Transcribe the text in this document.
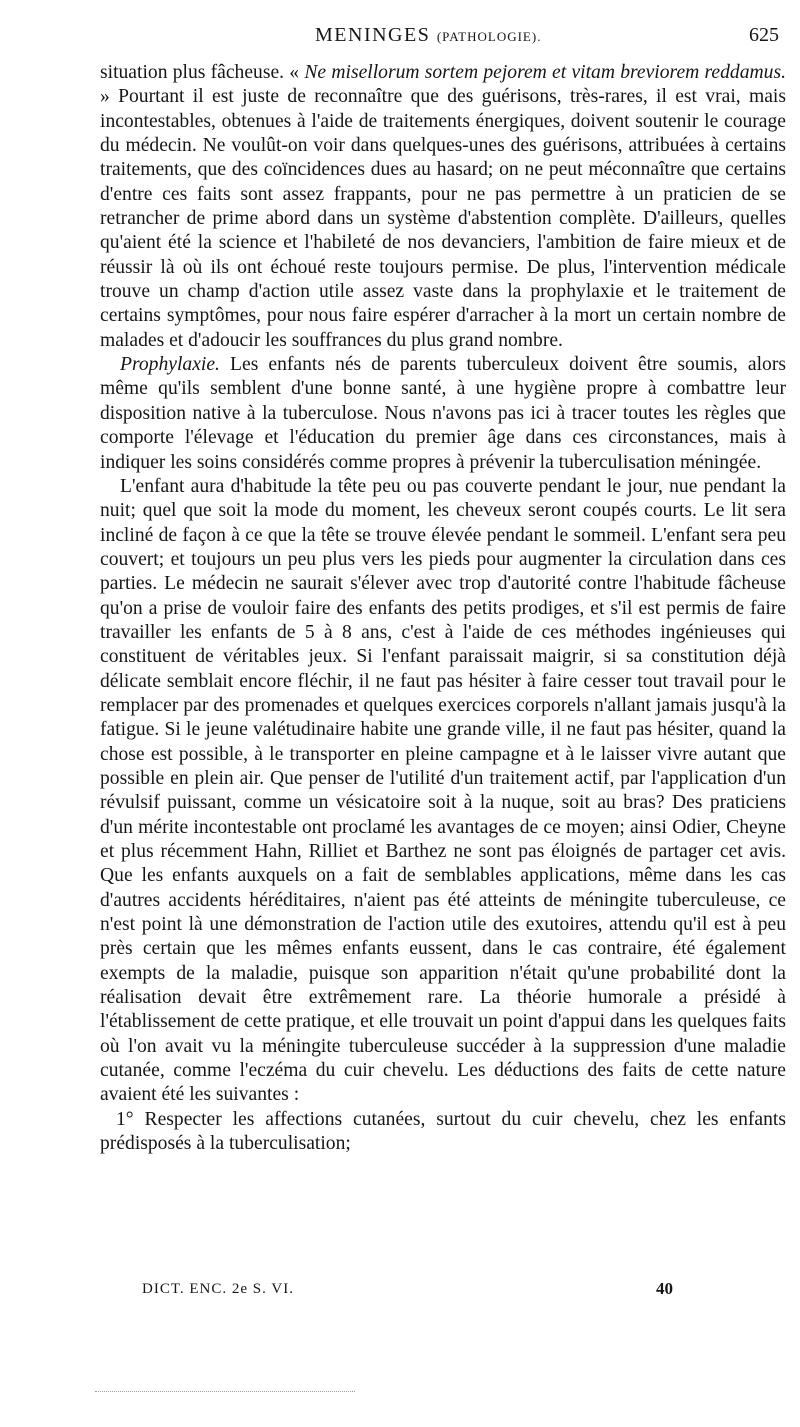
MENINGES (PATHOLOGIE).	625

situation plus fâcheuse. « Ne misellorum sortem pejorem et vitam breviorem reddamus. » Pourtant il est juste de reconnaître que des guérisons, très-rares, il est vrai, mais incontestables, obtenues à l'aide de traitements énergiques, doivent soutenir le courage du médecin. Ne voulût-on voir dans quelques-unes des guérisons, attribuées à certains traitements, que des coïncidences dues au hasard; on ne peut méconnaître que certains d'entre ces faits sont assez frappants, pour ne pas permettre à un praticien de se retrancher de prime abord dans un système d'abstention complète. D'ailleurs, quelles qu'aient été la science et l'habileté de nos devanciers, l'ambition de faire mieux et de réussir là où ils ont échoué reste toujours permise. De plus, l'intervention médicale trouve un champ d'action utile assez vaste dans la prophylaxie et le traitement de certains symptômes, pour nous faire espérer d'arracher à la mort un certain nombre de malades et d'adoucir les souffrances du plus grand nombre.

Prophylaxie. Les enfants nés de parents tuberculeux doivent être soumis, alors même qu'ils semblent d'une bonne santé, à une hygiène propre à combattre leur disposition native à la tuberculose. Nous n'avons pas ici à tracer toutes les règles que comporte l'élevage et l'éducation du premier âge dans ces circonstances, mais à indiquer les soins considérés comme propres à prévenir la tuberculisation méningée.

L'enfant aura d'habitude la tête peu ou pas couverte pendant le jour, nue pendant la nuit; quel que soit la mode du moment, les cheveux seront coupés courts. Le lit sera incliné de façon à ce que la tête se trouve élevée pendant le sommeil. L'enfant sera peu couvert; et toujours un peu plus vers les pieds pour augmenter la circulation dans ces parties. Le médecin ne saurait s'élever avec trop d'autorité contre l'habitude fâcheuse qu'on a prise de vouloir faire des enfants des petits prodiges, et s'il est permis de faire travailler les enfants de 5 à 8 ans, c'est à l'aide de ces méthodes ingénieuses qui constituent de véritables jeux. Si l'enfant paraissait maigrir, si sa constitution déjà délicate semblait encore fléchir, il ne faut pas hésiter à faire cesser tout travail pour le remplacer par des promenades et quelques exercices corporels n'allant jamais jusqu'à la fatigue. Si le jeune valétudinaire habite une grande ville, il ne faut pas hésiter, quand la chose est possible, à le transporter en pleine campagne et à le laisser vivre autant que possible en plein air. Que penser de l'utilité d'un traitement actif, par l'application d'un révulsif puissant, comme un vésicatoire soit à la nuque, soit au bras? Des praticiens d'un mérite incontestable ont proclamé les avantages de ce moyen; ainsi Odier, Cheyne et plus récemment Hahn, Rilliet et Barthez ne sont pas éloignés de partager cet avis. Que les enfants auxquels on a fait de semblables applications, même dans les cas d'autres accidents héréditaires, n'aient pas été atteints de méningite tuberculeuse, ce n'est point là une démonstration de l'action utile des exutoires, attendu qu'il est à peu près certain que les mêmes enfants eussent, dans le cas contraire, été également exempts de la maladie, puisque son apparition n'était qu'une probabilité dont la réalisation devait être extrêmement rare. La théorie humorale a présidé à l'établissement de cette pratique, et elle trouvait un point d'appui dans les quelques faits où l'on avait vu la méningite tuberculeuse succéder à la suppression d'une maladie cutanée, comme l'eczéma du cuir chevelu. Les déductions des faits de cette nature avaient été les suivantes :

1° Respecter les affections cutanées, surtout du cuir chevelu, chez les enfants prédisposés à la tuberculisation;

DICT. ENC. 2e S. VI.	40
